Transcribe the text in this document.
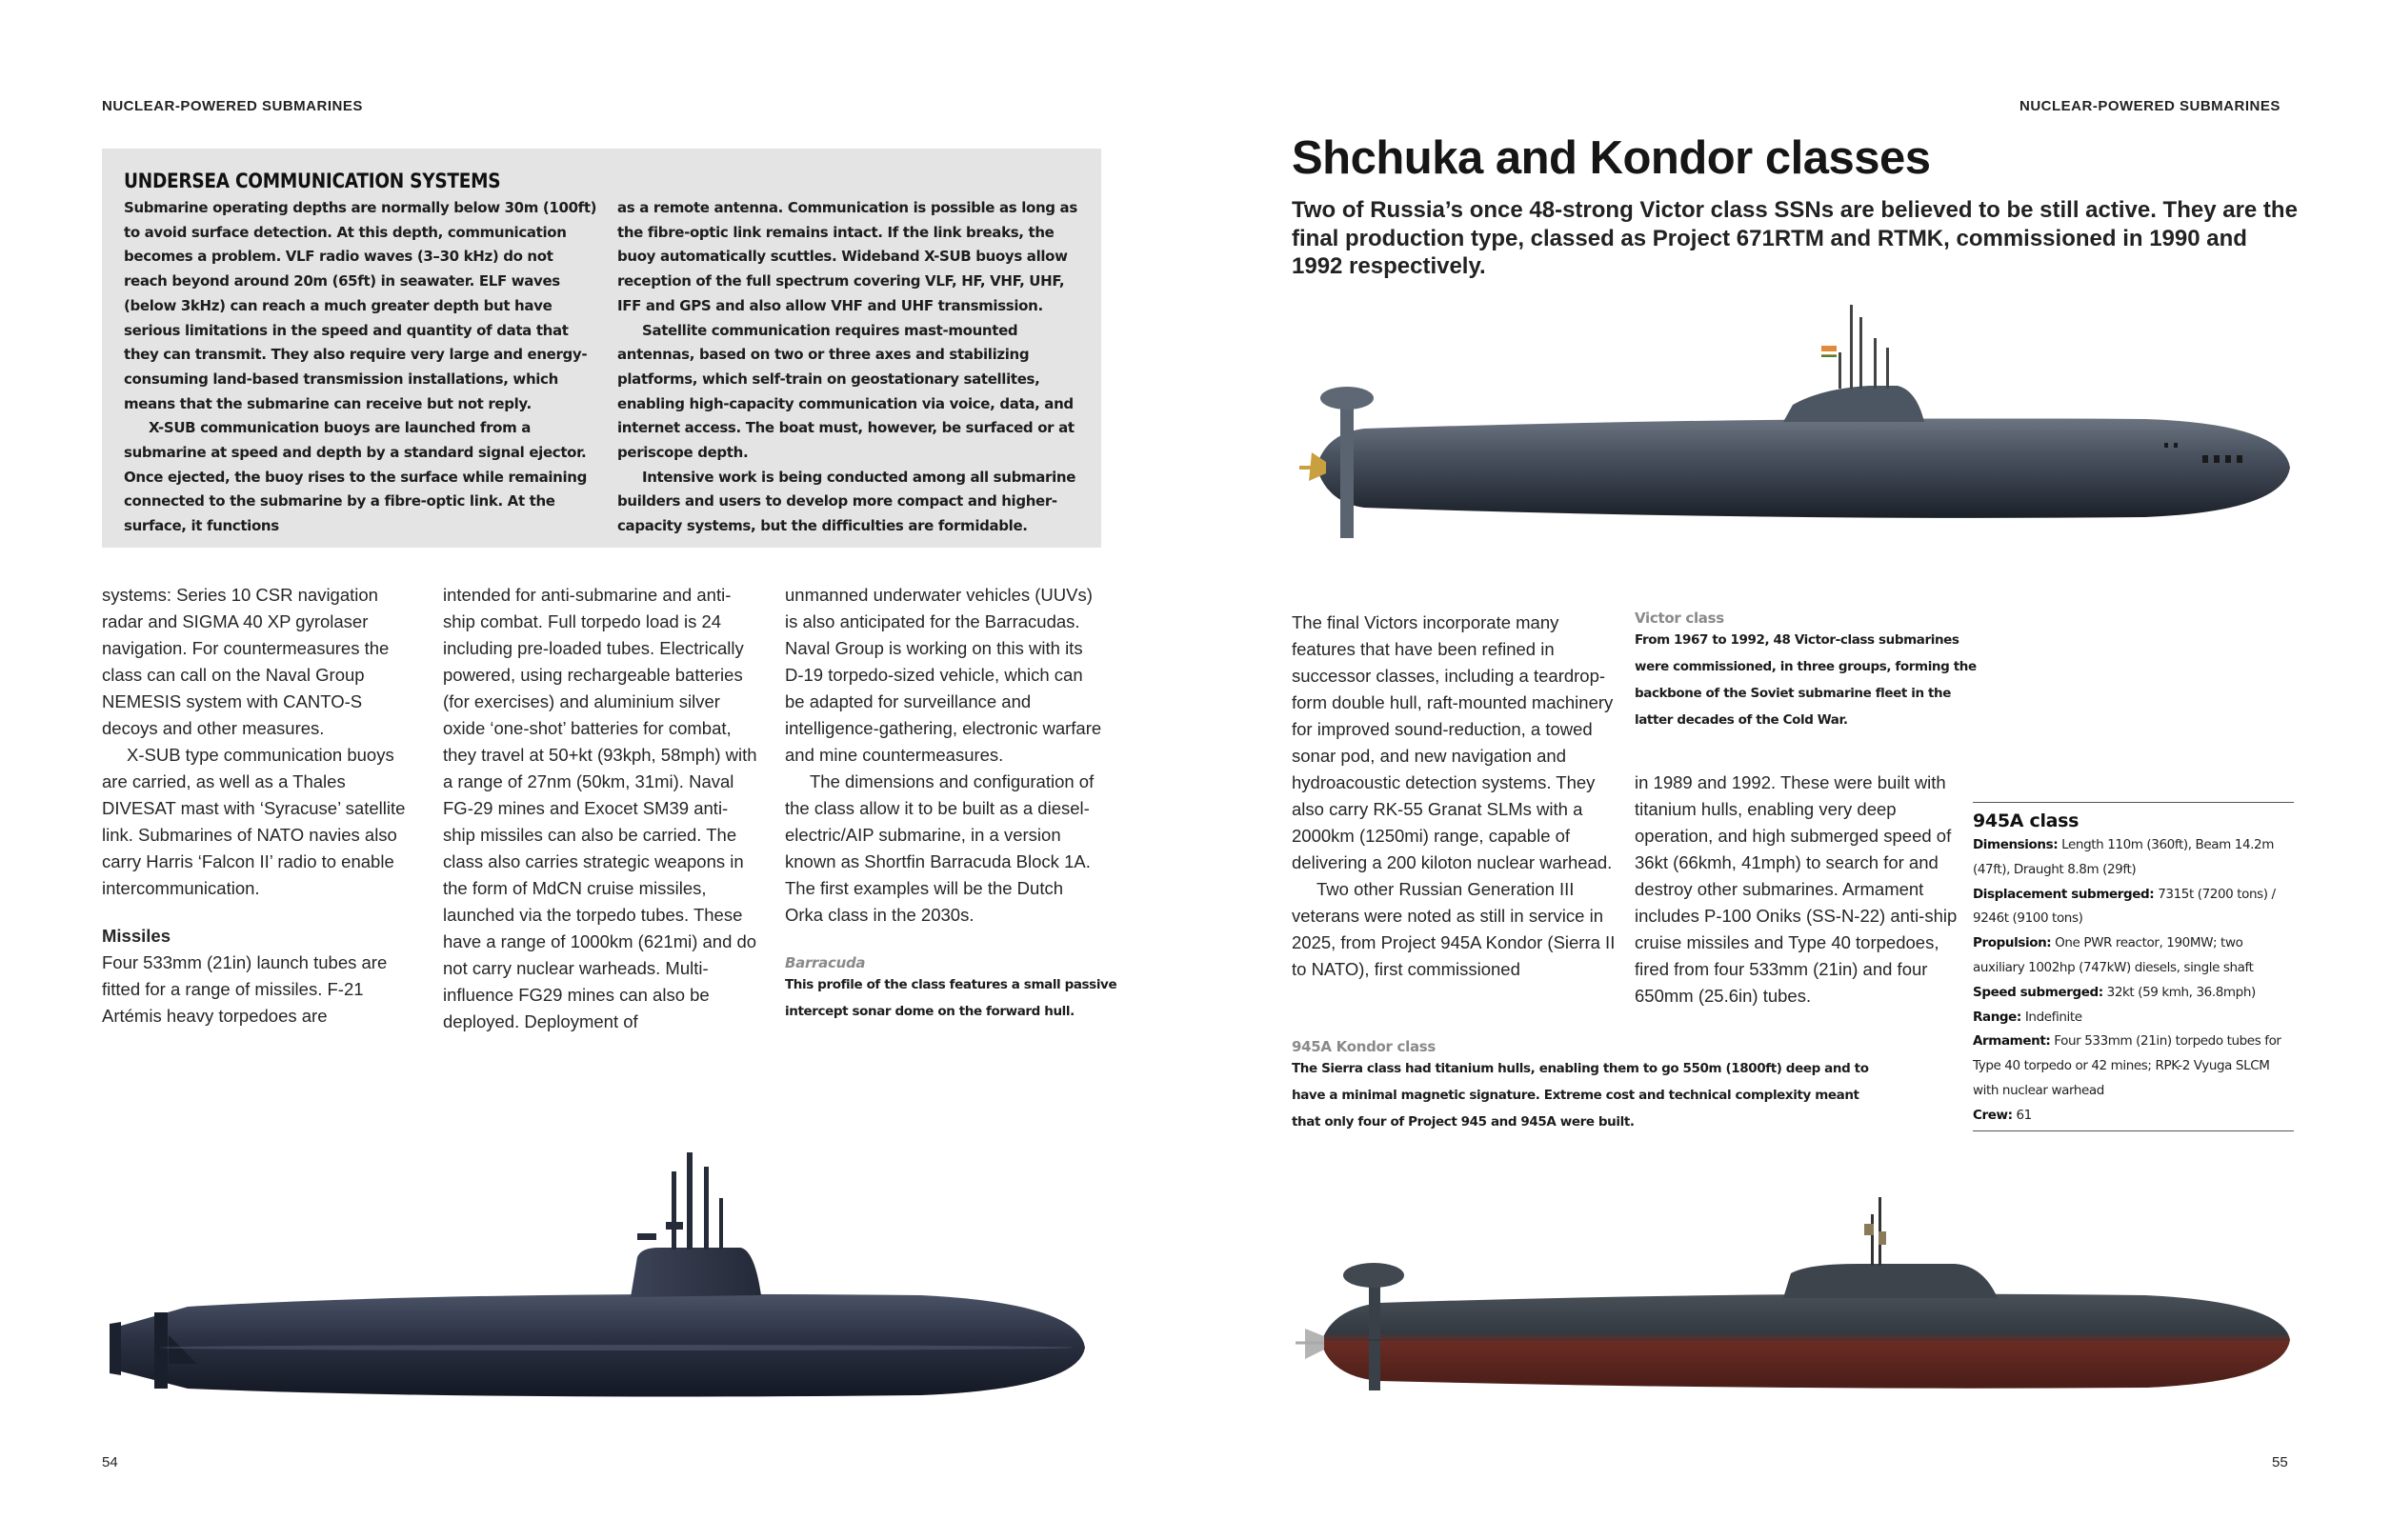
NUCLEAR-POWERED SUBMARINES
UNDERSEA COMMUNICATION SYSTEMS

Submarine operating depths are normally below 30m (100ft) to avoid surface detection. At this depth, communication becomes a problem. VLF radio waves (3–30 kHz) do not reach beyond around 20m (65ft) in seawater. ELF waves (below 3kHz) can reach a much greater depth but have serious limitations in the speed and quantity of data that they can transmit. They also require very large and energy-consuming land-based transmission installations, which means that the submarine can receive but not reply.

X-SUB communication buoys are launched from a submarine at speed and depth by a standard signal ejector. Once ejected, the buoy rises to the surface while remaining connected to the submarine by a fibre-optic link. At the surface, it functions

as a remote antenna. Communication is possible as long as the fibre-optic link remains intact. If the link breaks, the buoy automatically scuttles. Wideband X-SUB buoys allow reception of the full spectrum covering VLF, HF, VHF, UHF, IFF and GPS and also allow VHF and UHF transmission.

Satellite communication requires mast-mounted antennas, based on two or three axes and stabilizing platforms, which self-train on geostationary satellites, enabling high-capacity communication via voice, data, and internet access. The boat must, however, be surfaced or at periscope depth.

Intensive work is being conducted among all submarine builders and users to develop more compact and higher-capacity systems, but the difficulties are formidable.

systems: Series 10 CSR navigation radar and SIGMA 40 XP gyrolaser navigation. For countermeasures the class can call on the Naval Group NEMESIS system with CANTO-S decoys and other measures.

X-SUB type communication buoys are carried, as well as a Thales DIVESAT mast with ‘Syracuse’ satellite link. Submarines of NATO navies also carry Harris ‘Falcon II’ radio to enable intercommunication.

Missiles

Four 533mm (21in) launch tubes are fitted for a range of missiles. F-21 Artémis heavy torpedoes are

intended for anti-submarine and anti-ship combat. Full torpedo load is 24 including pre-loaded tubes. Electrically powered, using rechargeable batteries (for exercises) and aluminium silver oxide ‘one-shot’ batteries for combat, they travel at 50+kt (93kph, 58mph) with a range of 27nm (50km, 31mi). Naval FG-29 mines and Exocet SM39 anti-ship missiles can also be carried. The class also carries strategic weapons in the form of MdCN cruise missiles, launched via the torpedo tubes. These have a range of 1000km (621mi) and do not carry nuclear warheads. Multi-influence FG29 mines can also be deployed. Deployment of

unmanned underwater vehicles (UUVs) is also anticipated for the Barracudas. Naval Group is working on this with its D-19 torpedo-sized vehicle, which can be adapted for surveillance and intelligence-gathering, electronic warfare and mine countermeasures.

The dimensions and configuration of the class allow it to be built as a diesel-electric/AIP submarine, in a version known as Shortfin Barracuda Block 1A. The first examples will be the Dutch Orka class in the 2030s.

Barracuda
This profile of the class features a small passive intercept sonar dome on the forward hull.
54
NUCLEAR-POWERED SUBMARINES
Shchuka and Kondor classes
Two of Russia’s once 48-strong Victor class SSNs are believed to be still active. They are the final production type, classed as Project 671RTM and RTMK, commissioned in 1990 and 1992 respectively.

The final Victors incorporate many features that have been refined in successor classes, including a teardrop-form double hull, raft-mounted machinery for improved sound-reduction, a towed sonar pod, and new navigation and hydroacoustic detection systems. They also carry RK-55 Granat SLMs with a 2000km (1250mi) range, capable of delivering a 200 kiloton nuclear warhead.

Two other Russian Generation III veterans were noted as still in service in 2025, from Project 945A Kondor (Sierra II to NATO), first commissioned

Victor class
From 1967 to 1992, 48 Victor-class submarines were commissioned, in three groups, forming the backbone of the Soviet submarine fleet in the latter decades of the Cold War.

in 1989 and 1992. These were built with titanium hulls, enabling very deep operation, and high submerged speed of 36kt (66kmh, 41mph) to search for and destroy other submarines. Armament includes P-100 Oniks (SS-N-22) anti-ship cruise missiles and Type 40 torpedoes, fired from four 533mm (21in) and four 650mm (25.6in) tubes.

945A class
Dimensions: Length 110m (360ft), Beam 14.2m (47ft), Draught 8.8m (29ft)
Displacement submerged: 7315t (7200 tons) / 9246t (9100 tons)
Propulsion: One PWR reactor, 190MW; two auxiliary 1002hp (747kW) diesels, single shaft
Speed submerged: 32kt (59 kmh, 36.8mph)
Range: Indefinite
Armament: Four 533mm (21in) torpedo tubes for Type 40 torpedo or 42 mines; RPK-2 Vyuga SLCM with nuclear warhead
Crew: 61
945A Kondor class
The Sierra class had titanium hulls, enabling them to go 550m (1800ft) deep and to have a minimal magnetic signature. Extreme cost and technical complexity meant that only four of Project 945 and 945A were built.
55
